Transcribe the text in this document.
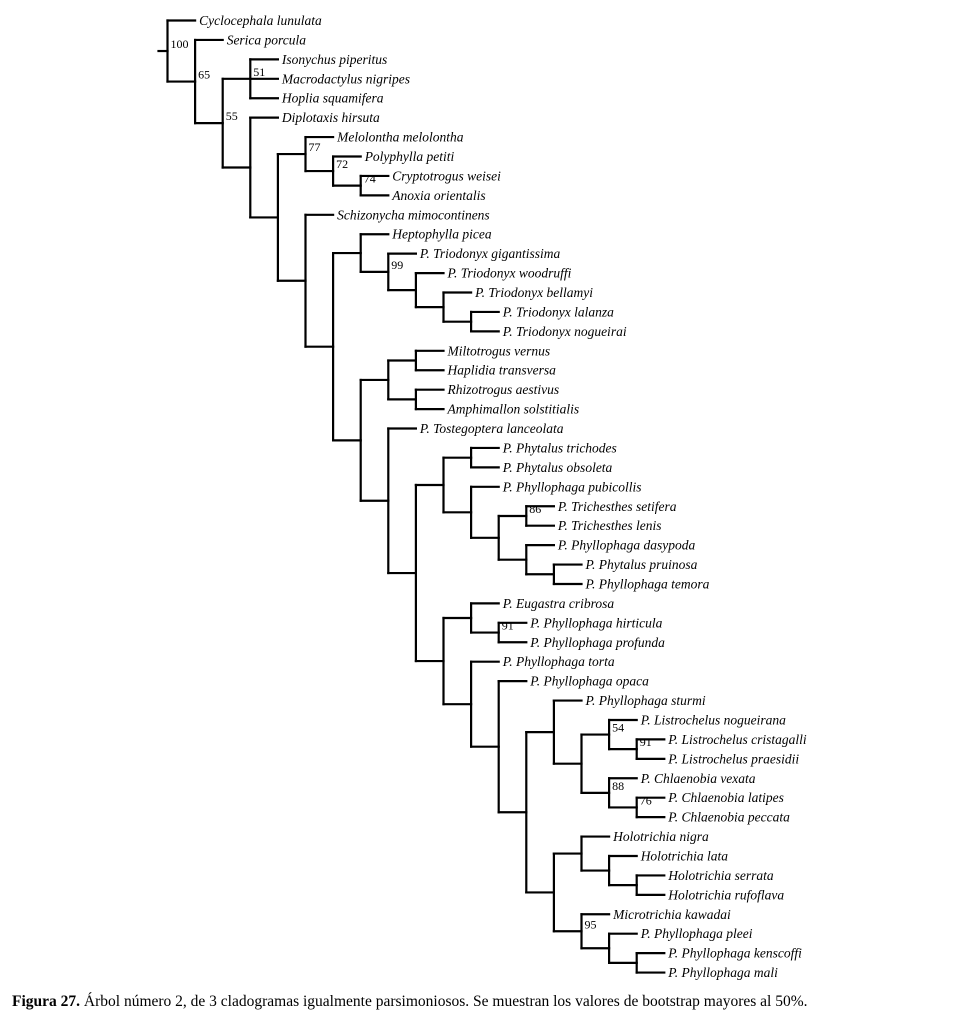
51
74
72
77
99
86
91
91
54
76
88
95
55
65
100
Cyclocephala lunulata
Serica porcula
Isonychus piperitus
Macrodactylus nigripes
Hoplia squamifera
Diplotaxis hirsuta
Melolontha melolontha
Polyphylla petiti
Cryptotrogus weisei
Anoxia orientalis
Schizonycha mimocontinens
Heptophylla picea
P. Triodonyx gigantissima
P. Triodonyx woodruffi
P. Triodonyx bellamyi
P. Triodonyx lalanza
P. Triodonyx nogueirai
Miltotrogus vernus
Haplidia transversa
Rhizotrogus aestivus
Amphimallon solstitialis
P. Tostegoptera lanceolata
P. Phytalus trichodes
P. Phytalus obsoleta
P. Phyllophaga pubicollis
P. Trichesthes setifera
P. Trichesthes lenis
P. Phyllophaga dasypoda
P. Phytalus pruinosa
P. Phyllophaga temora
P. Eugastra cribrosa
P. Phyllophaga hirticula
P. Phyllophaga profunda
P. Phyllophaga torta
P. Phyllophaga opaca
P. Phyllophaga sturmi
P. Listrochelus nogueirana
P. Listrochelus cristagalli
P. Listrochelus praesidii
P. Chlaenobia vexata
P. Chlaenobia latipes
P. Chlaenobia peccata
Holotrichia nigra
Holotrichia lata
Holotrichia serrata
Holotrichia rufoflava
Microtrichia kawadai
P. Phyllophaga pleei
P. Phyllophaga kenscoffi
P. Phyllophaga mali
Figura 27. Árbol número 2, de 3 cladogramas igualmente parsimoniosos. Se muestran los valores de bootstrap mayores al 50%.
